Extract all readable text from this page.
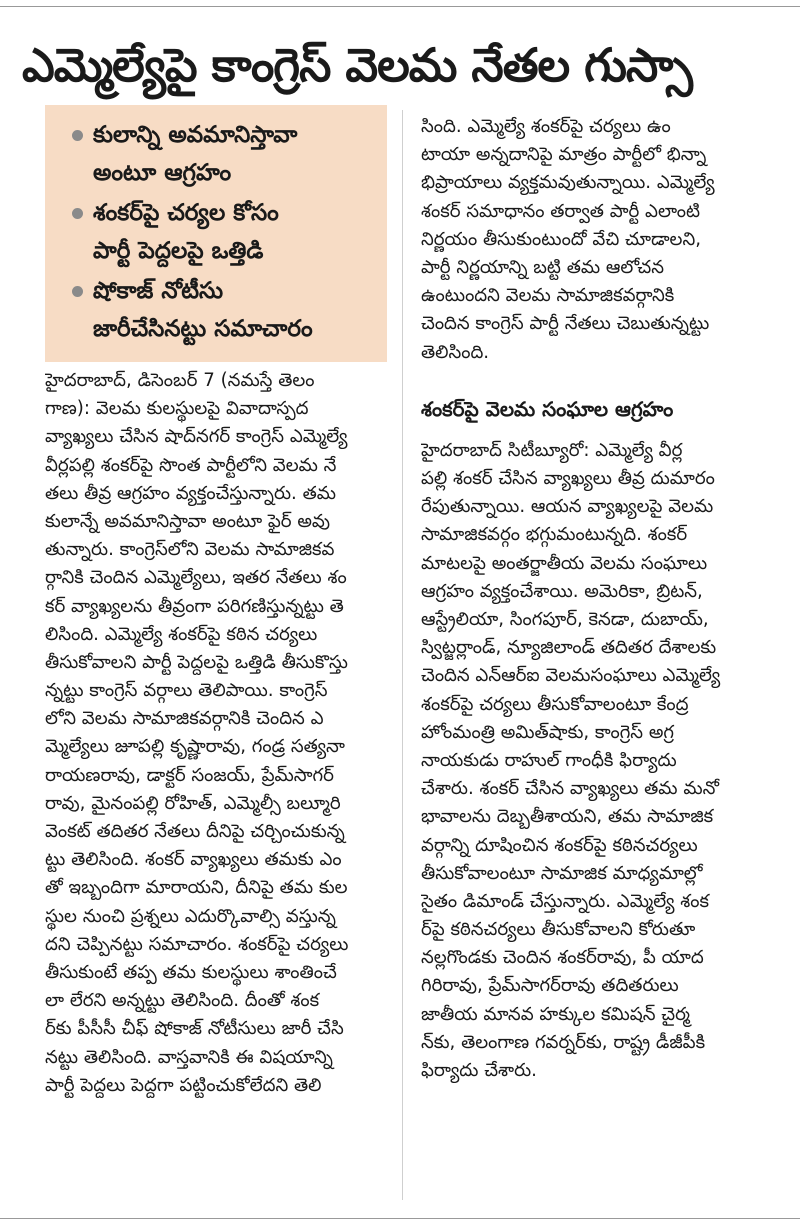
ఎమ్మెల్యేపై కాంగ్రెస్ వెలమ నేతల గుస్సా
కులాన్ని అవమానిస్తావా
అంటూ ఆగ్రహం
శంకర్‌పై చర్యల కోసం
పార్టీ పెద్దలపై ఒత్తిడి
షోకాజ్ నోటీసు
జారీచేసినట్టు సమాచారం
హైదరాబాద్, డిసెంబర్ 7 (నమస్తే తెలం
గాణ): వెలమ కులస్థులపై వివాదాస్పద
వ్యాఖ్యలు చేసిన షాద్‌నగర్ కాంగ్రెస్ ఎమ్మెల్యే
వీర్లపల్లి శంకర్‌పై సొంత పార్టీలోని వెలమ నే
తలు తీవ్ర ఆగ్రహం వ్యక్తంచేస్తున్నారు. తమ
కులాన్నే అవమానిస్తావా అంటూ ఫైర్ అవు
తున్నారు. కాంగ్రెస్‌లోని వెలమ సామాజికవ
ర్గానికి చెందిన ఎమ్మెల్యేలు, ఇతర నేతలు శం
కర్ వ్యాఖ్యలను తీవ్రంగా పరిగణిస్తున్నట్టు తె
లిసింది. ఎమ్మెల్యే శంకర్‌పై కఠిన చర్యలు
తీసుకోవాలని పార్టీ పెద్దలపై ఒత్తిడి తీసుకొస్తు
న్నట్టు కాంగ్రెస్ వర్గాలు తెలిపాయి. కాంగ్రెస్
లోని వెలమ సామాజికవర్గానికి చెందిన ఎ
మ్మెల్యేలు జూపల్లి కృష్ణారావు, గండ్ర సత్యనా
రాయణరావు, డాక్టర్ సంజయ్, ప్రేమ్‌సాగర్
రావు, మైనంపల్లి రోహిత్, ఎమ్మెల్సీ బల్మూరి
వెంకట్ తదితర నేతలు దీనిపై చర్చించుకున్న
ట్టు తెలిసింది. శంకర్ వ్యాఖ్యలు తమకు ఎం
తో ఇబ్బందిగా మారాయని, దీనిపై తమ కుల
స్థుల నుంచి ప్రశ్నలు ఎదుర్కొవాల్సి వస్తున్న
దని చెప్పినట్టు సమాచారం. శంకర్‌పై చర్యలు
తీసుకుంటే తప్ప తమ కులస్థులు శాంతించే
లా లేరని అన్నట్టు తెలిసింది. దీంతో శంక
ర్‌కు పీసీసీ చీఫ్ షోకాజ్ నోటీసులు జారీ చేసి
నట్టు తెలిసింది. వాస్తవానికి ఈ విషయాన్ని
పార్టీ పెద్దలు పెద్దగా పట్టించుకోలేదని తెలి
సింది. ఎమ్మెల్యే శంకర్‌పై చర్యలు ఉం
టాయా అన్నదానిపై మాత్రం పార్టీలో భిన్నా
భిప్రాయాలు వ్యక్తమవుతున్నాయి. ఎమ్మెల్యే
శంకర్ సమాధానం తర్వాత పార్టీ ఎలాంటి
నిర్ణయం తీసుకుంటుందో వేచి చూడాలని,
పార్టీ నిర్ణయాన్ని బట్టి తమ ఆలోచన
ఉంటుందని వెలమ సామాజికవర్గానికి
చెందిన కాంగ్రెస్ పార్టీ నేతలు చెబుతున్నట్టు
తెలిసింది.
శంకర్‌పై వెలమ సంఘాల ఆగ్రహం
హైదరాబాద్ సిటీబ్యూరో: ఎమ్మెల్యే వీర్ల
పల్లి శంకర్ చేసిన వ్యాఖ్యలు తీవ్ర దుమారం
రేపుతున్నాయి. ఆయన వ్యాఖ్యలపై వెలమ
సామాజికవర్గం భగ్గుమంటున్నది. శంకర్
మాటలపై అంతర్జాతీయ వెలమ సంఘాలు
ఆగ్రహం వ్యక్తంచేశాయి. అమెరికా, బ్రిటన్,
ఆస్ట్రేలియా, సింగపూర్, కెనడా, దుబాయ్,
స్విట్జర్లాండ్, న్యూజిలాండ్ తదితర దేశాలకు
చెందిన ఎన్‌ఆర్‌ఐ వెలమసంఘాలు ఎమ్మెల్యే
శంకర్‌పై చర్యలు తీసుకోవాలంటూ కేంద్ర
హోంమంత్రి అమిత్‌షాకు, కాంగ్రెస్ అగ్ర
నాయకుడు రాహుల్ గాంధీకి ఫిర్యాదు
చేశారు. శంకర్ చేసిన వ్యాఖ్యలు తమ మనో
భావాలను దెబ్బతీశాయని, తమ సామాజిక
వర్గాన్ని దూషించిన శంకర్‌పై కఠినచర్యలు
తీసుకోవాలంటూ సామాజిక మాధ్యమాల్లో
సైతం డిమాండ్ చేస్తున్నారు. ఎమ్మెల్యే శంక
ర్‌పై కఠినచర్యలు తీసుకోవాలని కోరుతూ
నల్లగొండకు చెందిన శంకర్‌రావు, పీ యాద
గిరిరావు, ప్రేమ్‌సాగర్‌రావు తదితరులు
జాతీయ మానవ హక్కుల కమిషన్ చైర్మ
న్‌కు, తెలంగాణ గవర్నర్‌కు, రాష్ట్ర డీజీపీకి
ఫిర్యాదు చేశారు.
